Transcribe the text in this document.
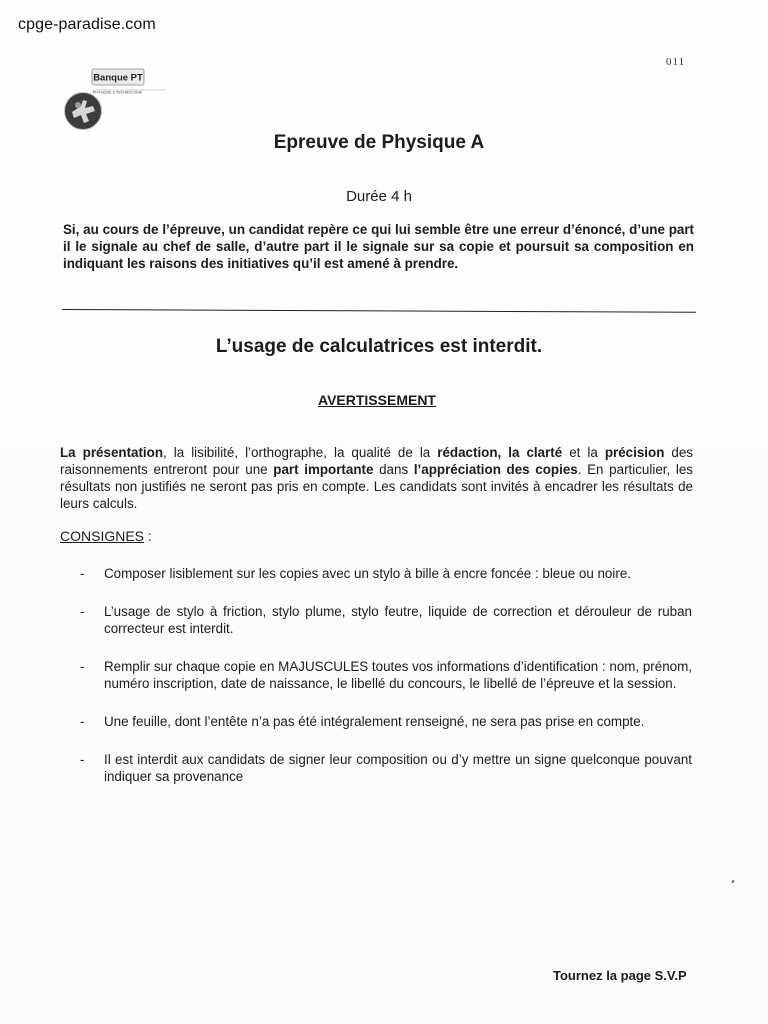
cpge-paradise.com
011
Banque PT
PHYSIQUE & TECHNOLOGIE
Epreuve de Physique A
Durée 4 h
Si, au cours de l’épreuve, un candidat repère ce qui lui semble être une erreur d’énoncé, d’une part il le signale au chef de salle, d’autre part il le signale sur sa copie et poursuit sa composition en indiquant les raisons des initiatives qu’il est amené à prendre.
L’usage de calculatrices est interdit.
AVERTISSEMENT
La présentation, la lisibilité, l’orthographe, la qualité de la rédaction, la clarté et la précision des raisonnements entreront pour une part importante dans l’appréciation des copies. En particulier, les résultats non justifiés ne seront pas pris en compte. Les candidats sont invités à encadrer les résultats de leurs calculs.
CONSIGNES :
- Composer lisiblement sur les copies avec un stylo à bille à encre foncée : bleue ou noire.
- L’usage de stylo à friction, stylo plume, stylo feutre, liquide de correction et dérouleur de ruban correcteur est interdit.
- Remplir sur chaque copie en MAJUSCULES toutes vos informations d’identification : nom, prénom, numéro inscription, date de naissance, le libellé du concours, le libellé de l’épreuve et la session.
- Une feuille, dont l’entête n’a pas été intégralement renseigné, ne sera pas prise en compte.
- Il est interdit aux candidats de signer leur composition ou d’y mettre un signe quelconque pouvant indiquer sa provenance
Tournez la page S.V.P
